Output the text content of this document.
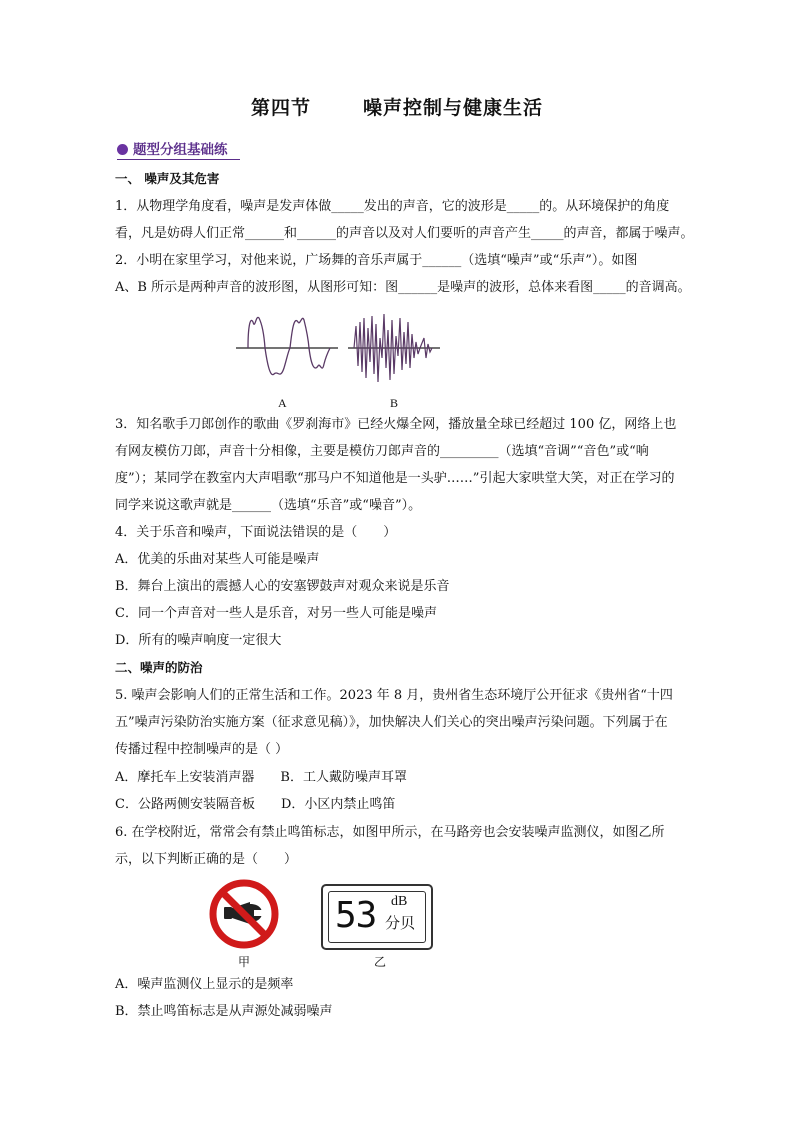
第四节	噪声控制与健康生活
题型分组基础练
一、 噪声及其危害
1．从物理学角度看，噪声是发声体做_____发出的声音，它的波形是_____的。从环境保护的角度
看，凡是妨碍人们正常______和______的声音以及对人们要听的声音产生_____的声音，都属于噪声。
2．小明在家里学习，对他来说，广场舞的音乐声属于______（选填“噪声”或“乐声”）。如图
A、B 所示是两种声音的波形图，从图形可知：图______是噪声的波形，总体来看图_____的音调高。
A	B
3．知名歌手刀郎创作的歌曲《罗刹海市》已经火爆全网，播放量全球已经超过 100 亿，网络上也
有网友模仿刀郎，声音十分相像，主要是模仿刀郎声音的_________（选填“音调”“音色”或“响
度”）；某同学在教室内大声唱歌“那马户不知道他是一头驴……”引起大家哄堂大笑，对正在学习的
同学来说这歌声就是______（选填“乐音”或“噪音”）。
4．关于乐音和噪声，下面说法错误的是（　　）
A．优美的乐曲对某些人可能是噪声
B．舞台上演出的震撼人心的安塞锣鼓声对观众来说是乐音
C．同一个声音对一些人是乐音，对另一些人可能是噪声
D．所有的噪声响度一定很大
二、噪声的防治
5. 噪声会影响人们的正常生活和工作。2023 年 8 月，贵州省生态环境厅公开征求《贵州省“十四
五”噪声污染防治实施方案（征求意见稿）》，加快解决人们关心的突出噪声污染问题。下列属于在
传播过程中控制噪声的是（ ）
A．摩托车上安装消声器　　B．工人戴防噪声耳罩
C．公路两侧安装隔音板　　D．小区内禁止鸣笛
6. 在学校附近，常常会有禁止鸣笛标志，如图甲所示，在马路旁也会安装噪声监测仪，如图乙所
示，以下判断正确的是（　　）
甲
53 dB
分贝
乙
A．噪声监测仪上显示的是频率
B．禁止鸣笛标志是从声源处减弱噪声
